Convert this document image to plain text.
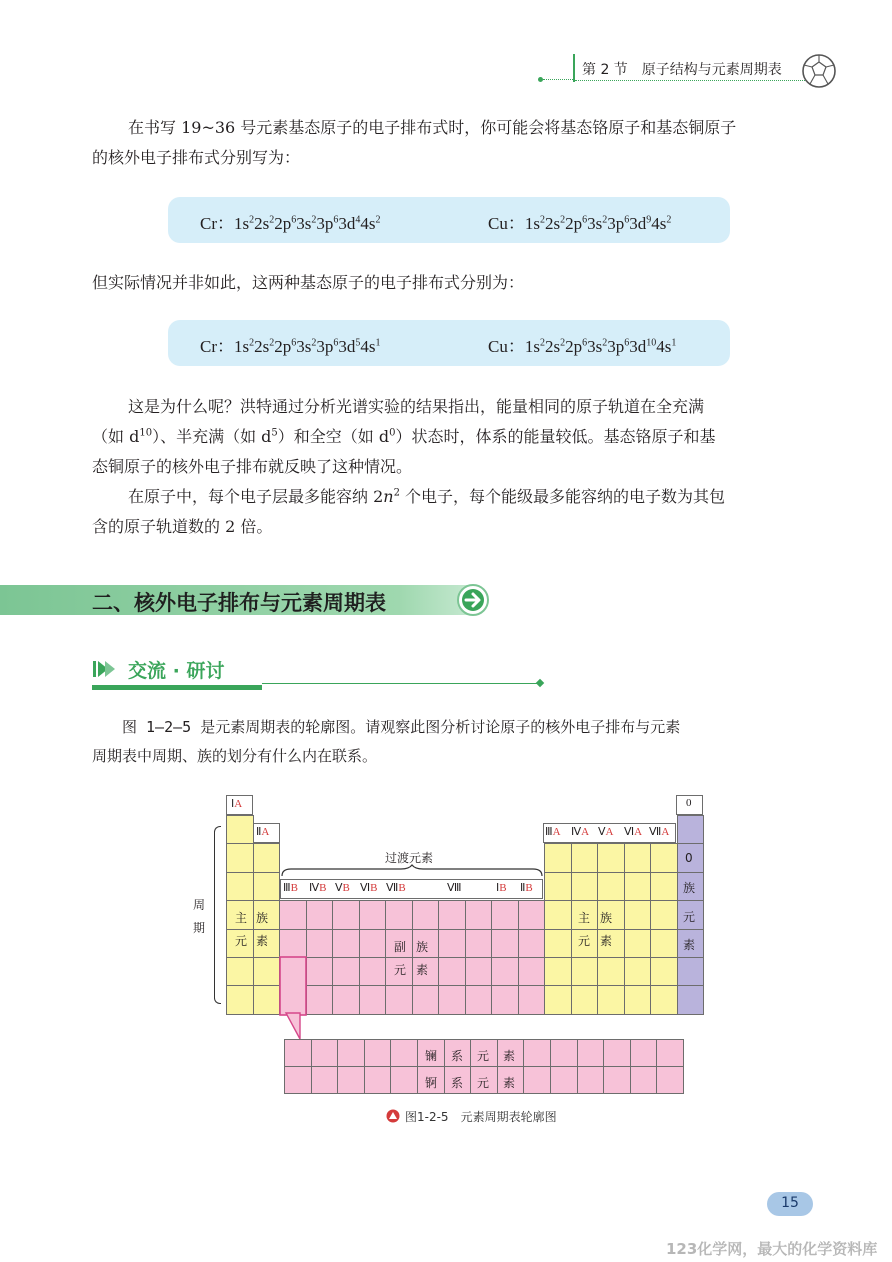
第 2 节　原子结构与元素周期表
在书写 19~36 号元素基态原子的电子排布式时，你可能会将基态铬原子和基态铜原子
的核外电子排布式分别写为：
Cr：$1s^22s^22p^63s^23p^63d^44s^2$	Cu：$1s^22s^22p^63s^23p^63d^94s^2$
但实际情况并非如此，这两种基态原子的电子排布式分别为：
Cr：$1s^22s^22p^63s^23p^63d^54s^1$	Cu：$1s^22s^22p^63s^23p^63d^{10}4s^1$
这是为什么呢？洪特通过分析光谱实验的结果指出，能量相同的原子轨道在全充满
（如 $d^{10}$）、半充满（如 $d^5$）和全空（如 $d^0$）状态时，体系的能量较低。基态铬原子和基
态铜原子的核外电子排布就反映了这种情况。
在原子中，每个电子层最多能容纳 $2n^2$ 个电子，每个能级最多能容纳的电子数为其包
含的原子轨道数的 2 倍。
二、核外电子排布与元素周期表
交流 · 研讨
图 1—2—5 是元素周期表的轮廓图。请观察此图分析讨论原子的核外电子排布与元素
周期表中周期、族的划分有什么内在联系。
周
期
ⅠA
ⅡA
过渡元素
ⅢB ⅣB ⅤB ⅥB ⅦB	Ⅷ	ⅠB ⅡB
ⅢA ⅣA ⅤA ⅥA ⅦA
0
主 族
元 素	副 族
元 素
主 族
元 素
0
族
元
素
镧 系 元 素
锕 系 元 素
图1-2-5　元素周期表轮廓图
15
123化学网，最大的化学资料库
